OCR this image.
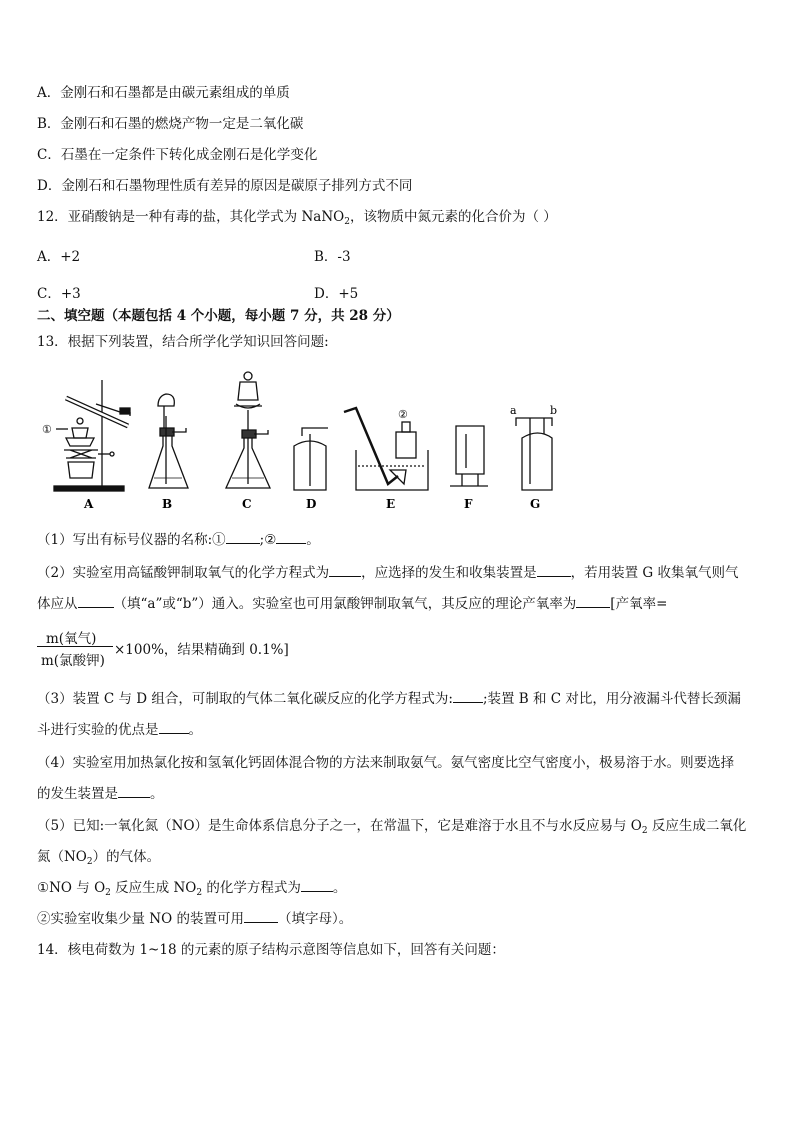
A．金刚石和石墨都是由碳元素组成的单质
B．金刚石和石墨的燃烧产物一定是二氧化碳
C．石墨在一定条件下转化成金刚石是化学变化
D．金刚石和石墨物理性质有差异的原因是碳原子排列方式不同
12．亚硝酸钠是一种有毒的盐，其化学式为 NaNO$_2$，该物质中氮元素的化合价为（ ）
A．+2	B．-3
C．+3	D．+5
二、填空题（本题包括 4 个小题，每小题 7 分，共 28 分）
13．根据下列装置，结合所学化学知识回答问题:
①
②	a	b
A	B	C	D	E	F	G
（1）写出有标号仪器的名称:①	;② 。
（2）实验室用高锰酸钾制取氧气的化学方程式为 ，应选择的发生和收集装置是	，若用装置 G 收集氧气则气
体应从	（填“a”或“b”）通入。实验室也可用氯酸钾制取氧气，其反应的理论产氧率为	[产氧率=
m(氧气)
m(氯酸钾)
×100%，结果精确到 0.1%]
（3）装置 C 与 D 组合，可制取的气体二氧化碳反应的化学方程式为: ;装置 B 和 C 对比，用分液漏斗代替长颈漏
斗进行实验的优点是 。
（4）实验室用加热氯化按和氢氧化钙固体混合物的方法来制取氨气。氨气密度比空气密度小，极易溶于水。则要选择
的发生装置是 。
（5）已知:一氧化氮（NO）是生命体系信息分子之一，在常温下，它是难溶于水且不与水反应易与 $O_2$ 反应生成二氧化
氮$(NO_2)$的气体。
①NO 与 $O_2$ 反应生成 $NO_2$ 的化学方程式为 。
②实验室收集少量 NO 的装置可用	（填字母）。
14．核电荷数为 1~18 的元素的原子结构示意图等信息如下，回答有关问题：
